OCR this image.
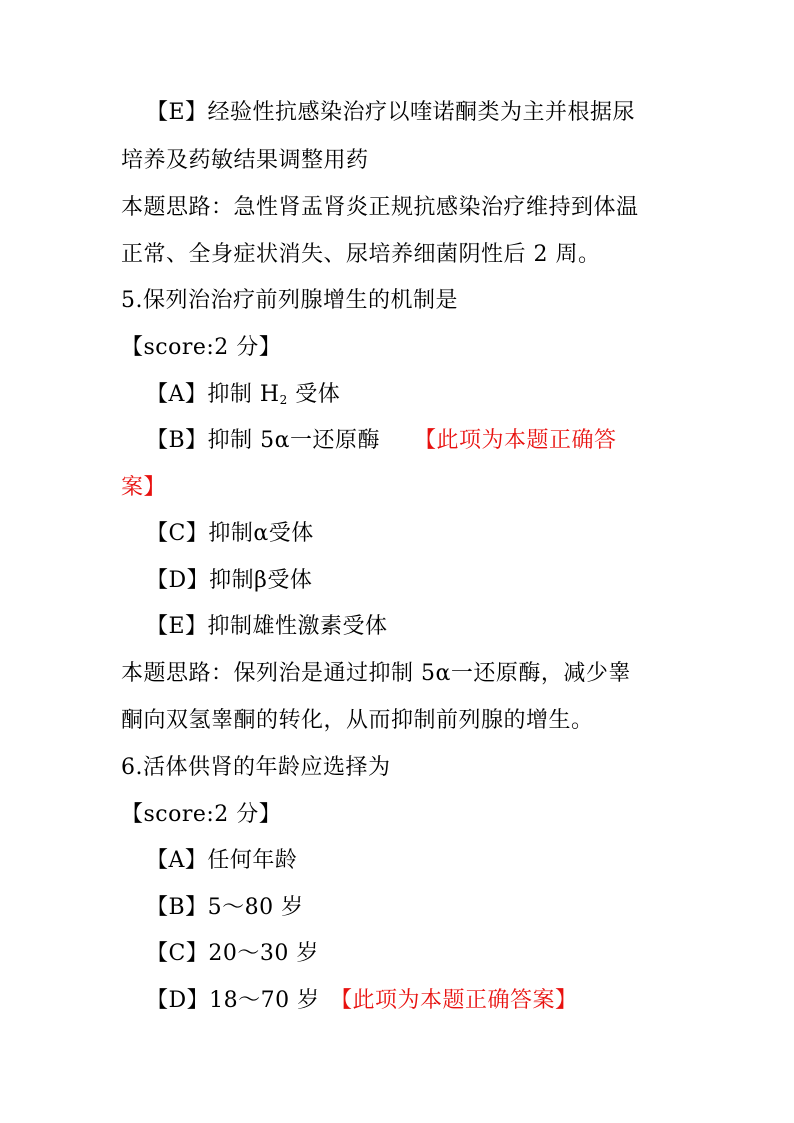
【E】经验性抗感染治疗以喹诺酮类为主并根据尿
培养及药敏结果调整用药
本题思路：急性肾盂肾炎正规抗感染治疗维持到体温
正常、全身症状消失、尿培养细菌阴性后 2 周。
5.保列治治疗前列腺增生的机制是
【score:2 分】
【A】抑制 $H_2$ 受体
【B】抑制 5α一还原酶 【此项为本题正确答
案】
【C】抑制α受体
【D】抑制β受体
【E】抑制雄性激素受体
本题思路：保列治是通过抑制 5α一还原酶，减少睾
酮向双氢睾酮的转化，从而抑制前列腺的增生。
6.活体供肾的年龄应选择为
【score:2 分】
【A】任何年龄
【B】5～80 岁
【C】20～30 岁
【D】18～70 岁 【此项为本题正确答案】
